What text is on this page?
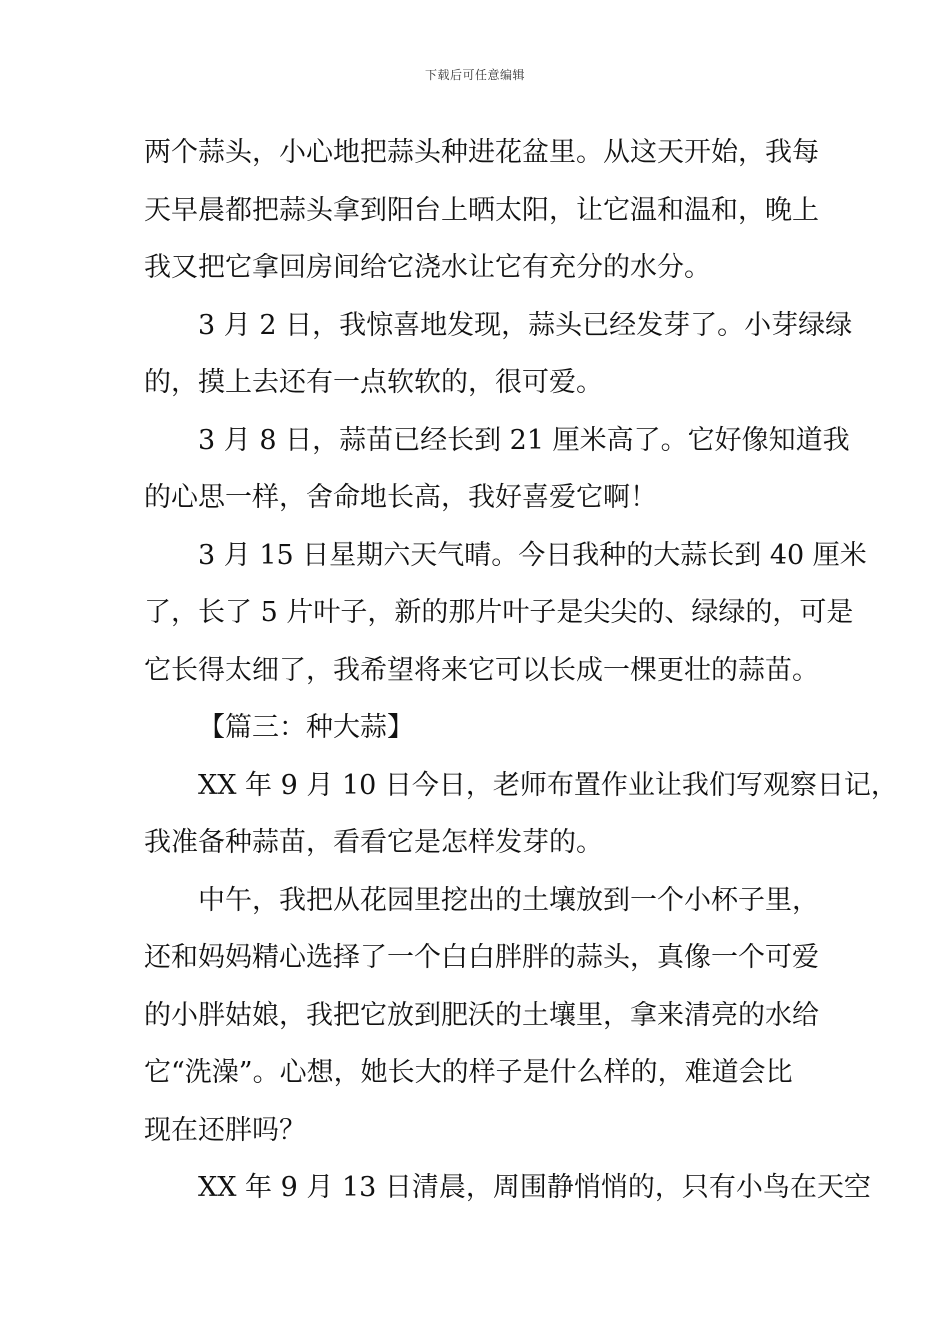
下载后可任意编辑
两个蒜头，小心地把蒜头种进花盆里。从这天开始，我每
天早晨都把蒜头拿到阳台上晒太阳，让它温和温和，晚上
我又把它拿回房间给它浇水让它有充分的水分。
3 月 2 日，我惊喜地发现，蒜头已经发芽了。小芽绿绿
的，摸上去还有一点软软的，很可爱。
3 月 8 日，蒜苗已经长到 21 厘米高了。它好像知道我
的心思一样，舍命地长高，我好喜爱它啊！
3 月 15 日星期六天气晴。今日我种的大蒜长到 40 厘米
了，长了 5 片叶子，新的那片叶子是尖尖的、绿绿的，可是
它长得太细了，我希望将来它可以长成一棵更壮的蒜苗。
【篇三：种大蒜】
XX 年 9 月 10 日今日，老师布置作业让我们写观察日记，
我准备种蒜苗，看看它是怎样发芽的。
中午，我把从花园里挖出的土壤放到一个小杯子里，
还和妈妈精心选择了一个白白胖胖的蒜头，真像一个可爱
的小胖姑娘，我把它放到肥沃的土壤里，拿来清亮的水给
它“洗澡”。心想，她长大的样子是什么样的，难道会比
现在还胖吗？
XX 年 9 月 13 日清晨，周围静悄悄的，只有小鸟在天空
